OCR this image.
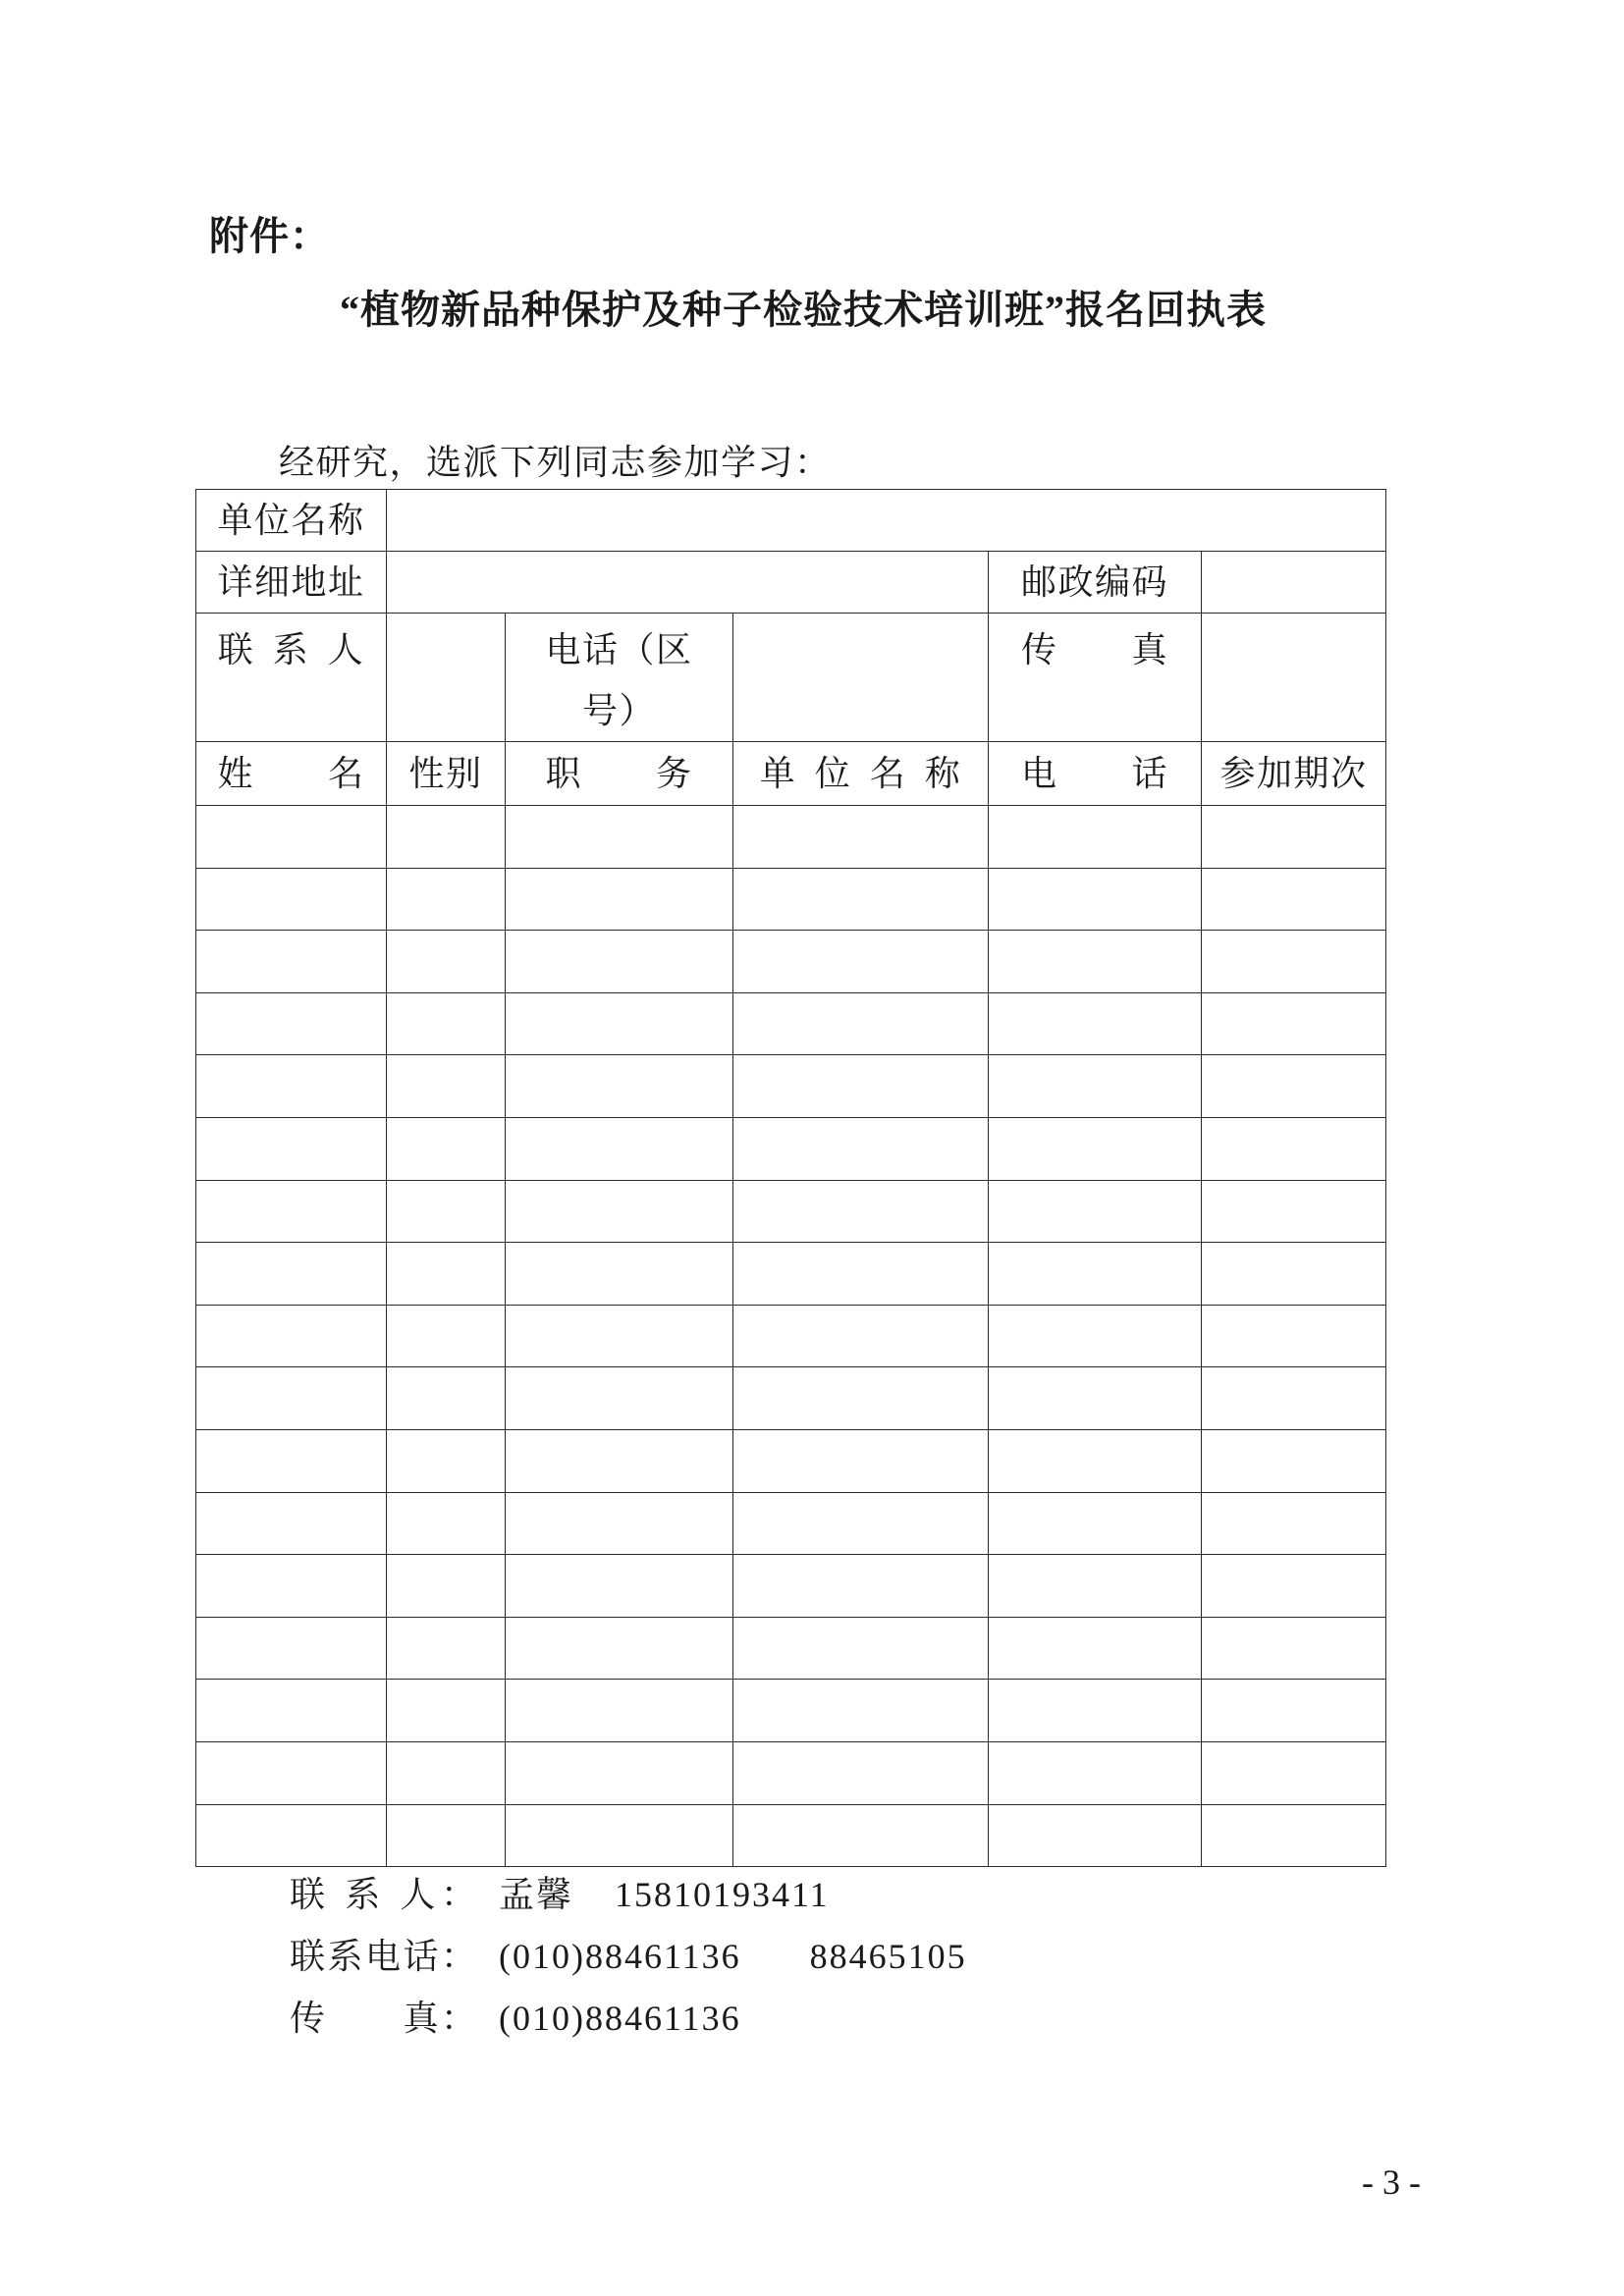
附件：
“植物新品种保护及种子检验技术培训班”报名回执表
经研究，选派下列同志参加学习：
单位名称					
详细地址				邮政编码	
联 系 人		电话（区号）		传　　真	
姓　　名	性别	职　　务	单 位 名 称	电　　话	参加期次

联 系 人： 孟馨 15810193411
联系电话： (010)88461136 88465105
传　　真： (010)88461136
- 3 -
